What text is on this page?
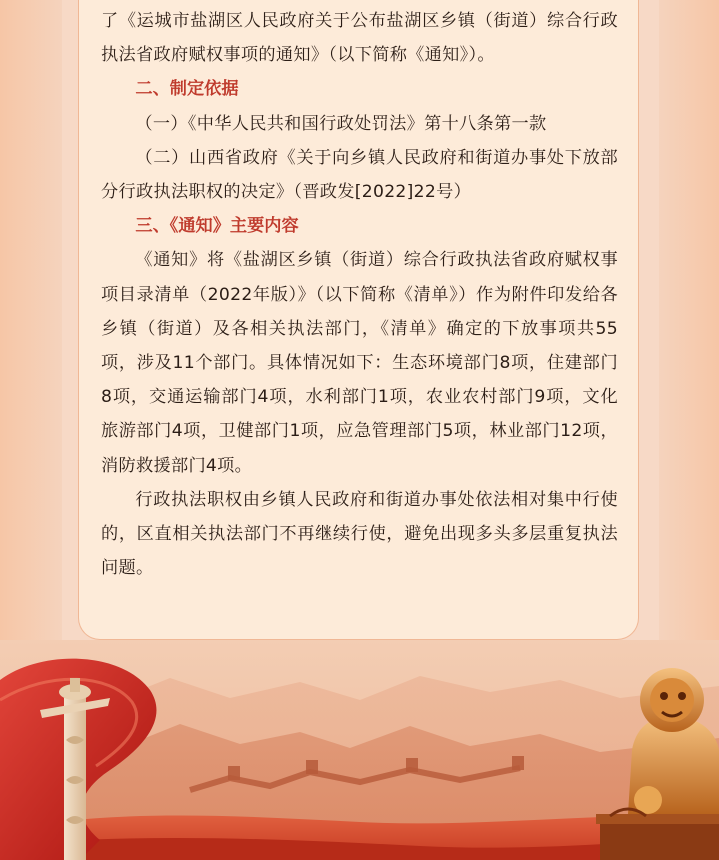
了《运城市盐湖区人民政府关于公布盐湖区乡镇（街道）综合行政执法省政府赋权事项的通知》（以下简称《通知》）。

二、制定依据

（一）《中华人民共和国行政处罚法》第十八条第一款

（二）山西省政府《关于向乡镇人民政府和街道办事处下放部分行政执法职权的决定》（晋政发[2022]22号）

三、《通知》主要内容

《通知》将《盐湖区乡镇（街道）综合行政执法省政府赋权事项目录清单（2022年版）》（以下简称《清单》）作为附件印发给各乡镇（街道）及各相关执法部门，《清单》确定的下放事项共55项，涉及11个部门。具体情况如下：生态环境部门8项，住建部门8项，交通运输部门4项，水利部门1项，农业农村部门9项，文化旅游部门4项，卫健部门1项，应急管理部门5项，林业部门12项，消防救援部门4项。

行政执法职权由乡镇人民政府和街道办事处依法相对集中行使的，区直相关执法部门不再继续行使，避免出现多头多层重复执法问题。
